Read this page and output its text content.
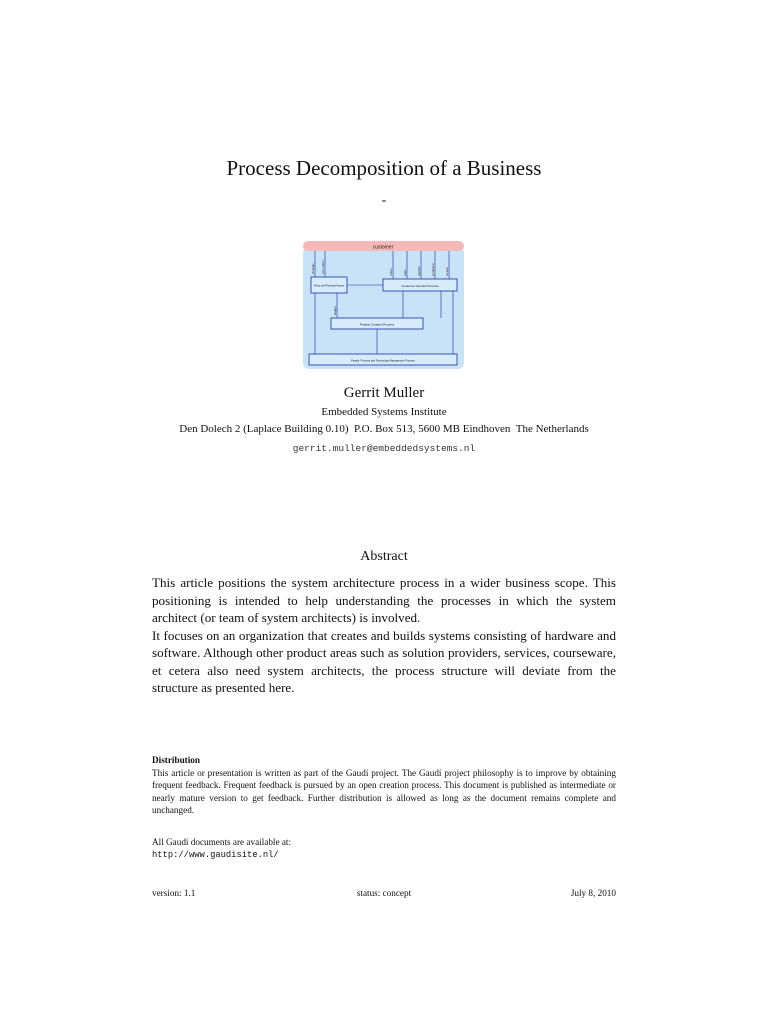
Process Decomposition of a Business
-
customer
Policy and Planning Process	Customer Oriented Process
Product Creation Process
People, Process and Technology Management Process
orders	sales	logistics	production	service
strategic information
budget
Gerrit Muller
Embedded Systems Institute
Den Dolech 2 (Laplace Building 0.10)  P.O. Box 513, 5600 MB Eindhoven  The Netherlands
gerrit.muller@embeddedsystems.nl
Abstract

This article positions the system architecture process in a wider business scope. This positioning is intended to help understanding the processes in which the system architect (or team of system architects) is involved.

It focuses on an organization that creates and builds systems consisting of hardware and software. Although other product areas such as solution providers, services, courseware, et cetera also need system architects, the process structure will deviate from the structure as presented here.

Distribution
This article or presentation is written as part of the Gaudí project. The Gaudí project philosophy is to improve by obtaining frequent feedback. Frequent feedback is pursued by an open creation process. This document is published as intermediate or nearly mature version to get feedback. Further distribution is allowed as long as the document remains complete and unchanged.
All Gaudí documents are available at:
http://www.gaudisite.nl/
version: 1.1	status: concept	July 8, 2010
